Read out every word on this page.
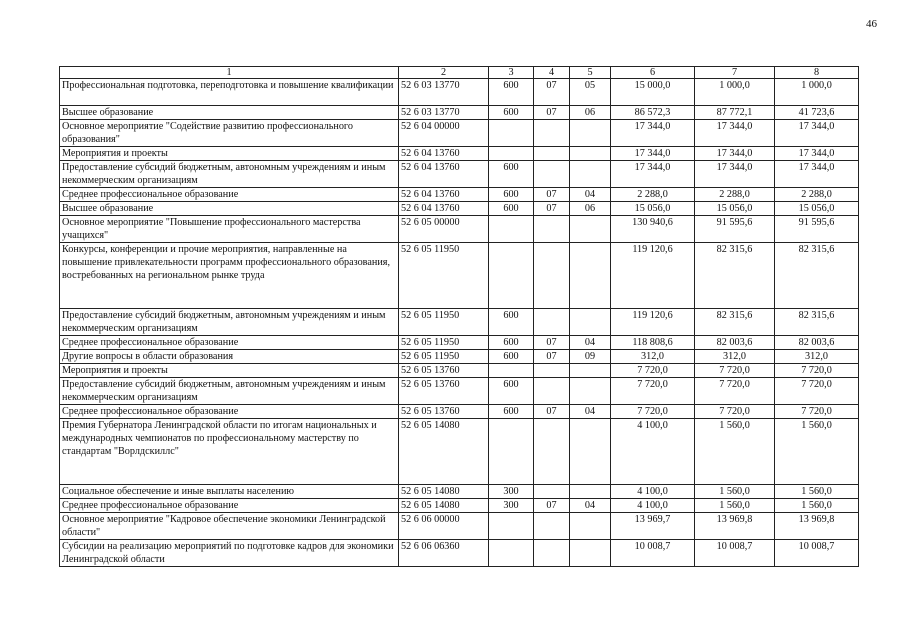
46
1	2	3	4	5	6	7	8
Профессиональная подготовка, переподготовка и повышение квалификации	52 6 03 13770	600	07	05	15 000,0	1 000,0	1 000,0
Высшее образование	52 6 03 13770	600	07	06	86 572,3	87 772,1	41 723,6
Основное мероприятие "Содействие развитию профессионального образования"	52 6 04 00000				17 344,0	17 344,0	17 344,0
Мероприятия и проекты	52 6 04 13760				17 344,0	17 344,0	17 344,0
Предоставление субсидий бюджетным, автономным учреждениям и иным некоммерческим организациям	52 6 04 13760	600			17 344,0	17 344,0	17 344,0
Среднее профессиональное образование	52 6 04 13760	600	07	04	2 288,0	2 288,0	2 288,0
Высшее образование	52 6 04 13760	600	07	06	15 056,0	15 056,0	15 056,0
Основное мероприятие "Повышение профессионального мастерства учащихся"	52 6 05 00000				130 940,6	91 595,6	91 595,6
Конкурсы, конференции и прочие мероприятия, направленные на повышение привлекательности программ профессионального образования, востребованных на региональном рынке труда	52 6 05 11950				119 120,6	82 315,6	82 315,6
Предоставление субсидий бюджетным, автономным учреждениям и иным некоммерческим организациям	52 6 05 11950	600			119 120,6	82 315,6	82 315,6
Среднее профессиональное образование	52 6 05 11950	600	07	04	118 808,6	82 003,6	82 003,6
Другие вопросы в области образования	52 6 05 11950	600	07	09	312,0	312,0	312,0
Мероприятия и проекты	52 6 05 13760				7 720,0	7 720,0	7 720,0
Предоставление субсидий бюджетным, автономным учреждениям и иным некоммерческим организациям	52 6 05 13760	600			7 720,0	7 720,0	7 720,0
Среднее профессиональное образование	52 6 05 13760	600	07	04	7 720,0	7 720,0	7 720,0
Премия Губернатора Ленинградской области по итогам национальных и международных чемпионатов по профессиональному мастерству по стандартам "Ворлдскиллс"	52 6 05 14080				4 100,0	1 560,0	1 560,0
Социальное обеспечение и иные выплаты населению	52 6 05 14080	300			4 100,0	1 560,0	1 560,0
Среднее профессиональное образование	52 6 05 14080	300	07	04	4 100,0	1 560,0	1 560,0
Основное мероприятие "Кадровое обеспечение экономики Ленинградской области"	52 6 06 00000				13 969,7	13 969,8	13 969,8
Субсидии на реализацию мероприятий по подготовке кадров для экономики Ленинградской области	52 6 06 06360				10 008,7	10 008,7	10 008,7
